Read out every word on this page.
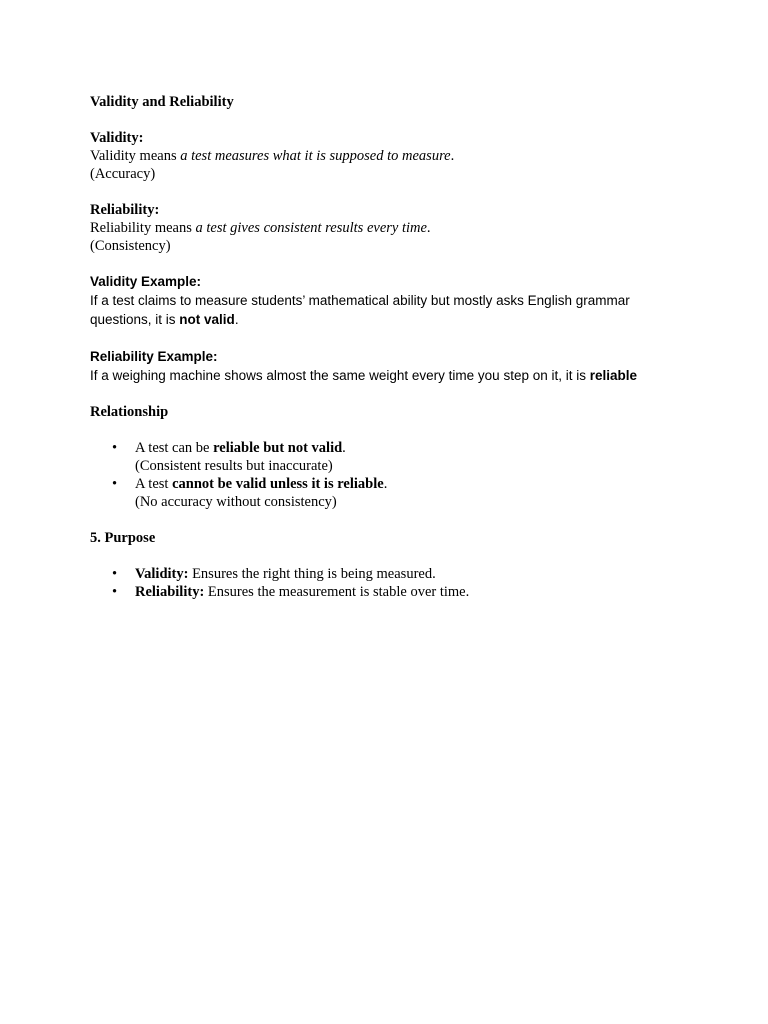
Validity and Reliability
Validity:
Validity means a test measures what it is supposed to measure.
(Accuracy)
Reliability:
Reliability means a test gives consistent results every time.
(Consistency)
Validity Example:
If a test claims to measure students’ mathematical ability but mostly asks English grammar
questions, it is not valid.
Reliability Example:
If a weighing machine shows almost the same weight every time you step on it, it is reliable
Relationship
• A test can be reliable but not valid.
(Consistent results but inaccurate)
• A test cannot be valid unless it is reliable.
(No accuracy without consistency)
5. Purpose
• Validity: Ensures the right thing is being measured.
• Reliability: Ensures the measurement is stable over time.
